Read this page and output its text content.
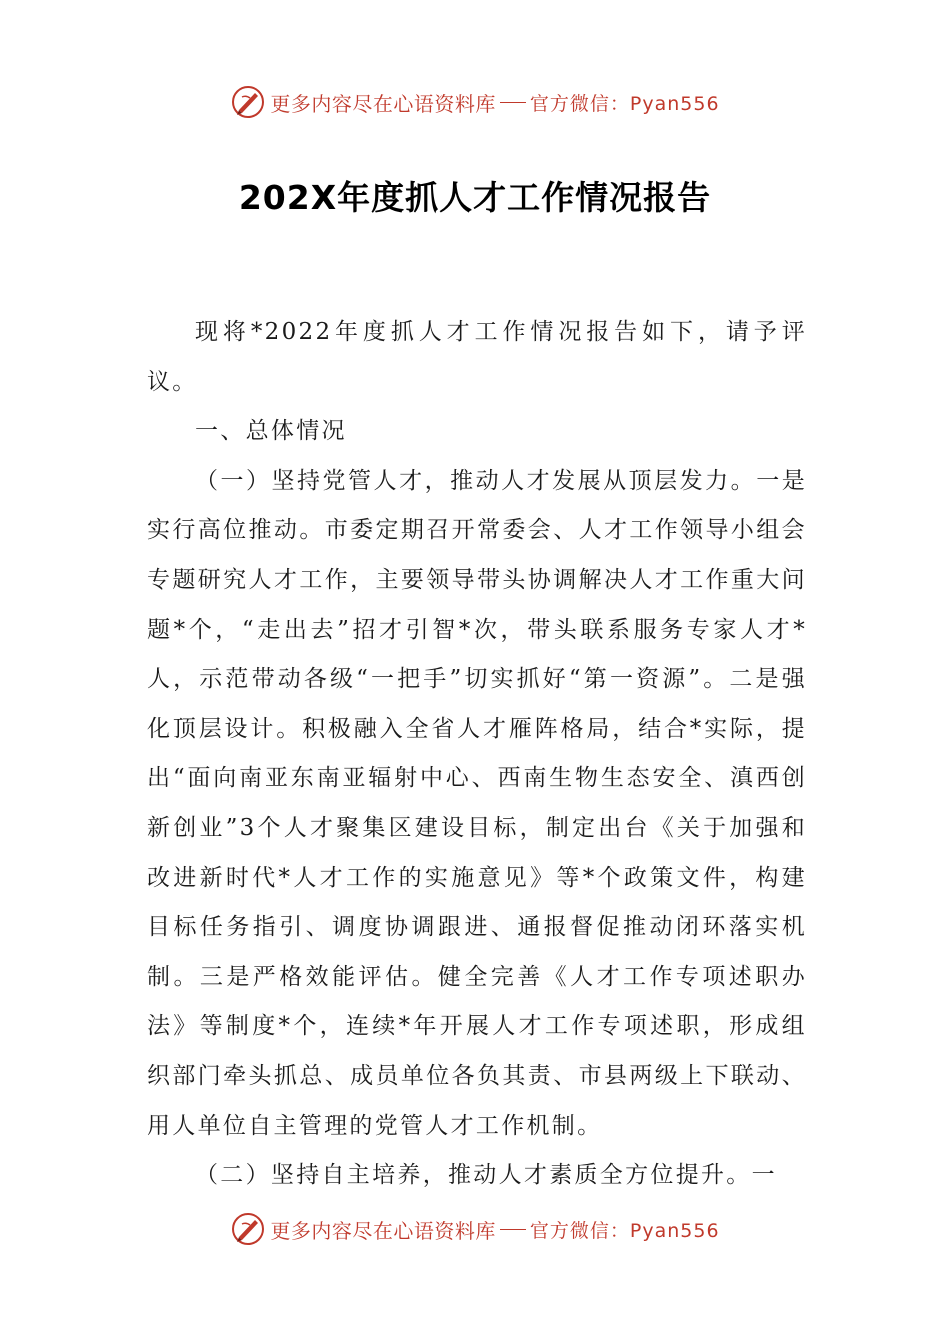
更多内容尽在心语资料库 官方微信：Pyan556
202X年度抓人才工作情况报告

现将*2022年度抓人才工作情况报告如下，请予评议。

一、总体情况

（一）坚持党管人才，推动人才发展从顶层发力。一是实行高位推动。市委定期召开常委会、人才工作领导小组会专题研究人才工作，主要领导带头协调解决人才工作重大问题*个，“走出去”招才引智*次，带头联系服务专家人才*人，示范带动各级“一把手”切实抓好“第一资源”。二是强化顶层设计。积极融入全省人才雁阵格局，结合*实际，提出“面向南亚东南亚辐射中心、西南生物生态安全、滇西创新创业”3个人才聚集区建设目标，制定出台《关于加强和改进新时代*人才工作的实施意见》等*个政策文件，构建目标任务指引、调度协调跟进、通报督促推动闭环落实机制。三是严格效能评估。健全完善《人才工作专项述职办法》等制度*个，连续*年开展人才工作专项述职，形成组织部门牵头抓总、成员单位各负其责、市县两级上下联动、用人单位自主管理的党管人才工作机制。

（二）坚持自主培养，推动人才素质全方位提升。一

更多内容尽在心语资料库 官方微信：Pyan556
